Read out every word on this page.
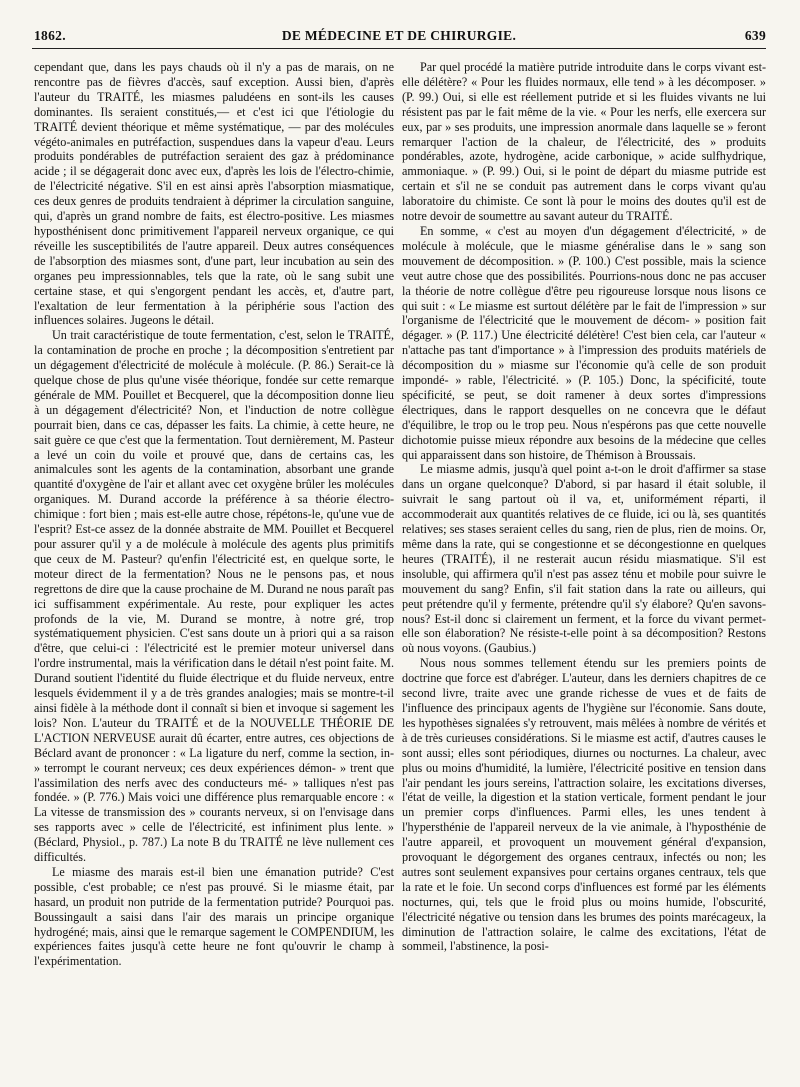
1862.	DE MÉDECINE ET DE CHIRURGIE.	639

cependant que, dans les pays chauds où il n'y a pas de marais, on ne rencontre pas de fièvres d'accès, sauf exception. Aussi bien, d'après l'auteur du TRAITÉ, les miasmes paludéens en sont-ils les causes dominantes. Ils seraient constitués,— et c'est ici que l'étiologie du TRAITÉ devient théorique et même systématique, — par des molécules végéto-animales en putréfaction, suspendues dans la vapeur d'eau. Leurs produits pondérables de putréfaction seraient des gaz à prédominance acide ; il se dégagerait donc avec eux, d'après les lois de l'électro-chimie, de l'électricité négative. S'il en est ainsi après l'absorption miasmatique, ces deux genres de produits tendraient à déprimer la circulation sanguine, qui, d'après un grand nombre de faits, est électro-positive. Les miasmes hyposthénisent donc primitivement l'appareil nerveux organique, ce qui réveille les susceptibilités de l'autre appareil. Deux autres conséquences de l'absorption des miasmes sont, d'une part, leur incubation au sein des organes peu impressionnables, tels que la rate, où le sang subit une certaine stase, et qui s'engorgent pendant les accès, et, d'autre part, l'exaltation de leur fermentation à la périphérie sous l'action des influences solaires. Jugeons le détail.

Un trait caractéristique de toute fermentation, c'est, selon le TRAITÉ, la contamination de proche en proche ; la décomposition s'entretient par un dégagement d'électricité de molécule à molécule. (P. 86.) Serait-ce là quelque chose de plus qu'une visée théorique, fondée sur cette remarque générale de MM. Pouillet et Becquerel, que la décomposition donne lieu à un dégagement d'électricité? Non, et l'induction de notre collègue pourrait bien, dans ce cas, dépasser les faits. La chimie, à cette heure, ne sait guère ce que c'est que la fermentation. Tout dernièrement, M. Pasteur a levé un coin du voile et prouvé que, dans de certains cas, les animalcules sont les agents de la contamination, absorbant une grande quantité d'oxygène de l'air et allant avec cet oxygène brûler les molécules organiques. M. Durand accorde la préférence à sa théorie électro-chimique : fort bien ; mais est-elle autre chose, répétons-le, qu'une vue de l'esprit? Est-ce assez de la donnée abstraite de MM. Pouillet et Becquerel pour assurer qu'il y a de molécule à molécule des agents plus primitifs que ceux de M. Pasteur? qu'enfin l'électricité est, en quelque sorte, le moteur direct de la fermentation? Nous ne le pensons pas, et nous regrettons de dire que la cause prochaine de M. Durand ne nous paraît pas ici suffisamment expérimentale. Au reste, pour expliquer les actes profonds de la vie, M. Durand se montre, à notre gré, trop systématiquement physicien. C'est sans doute un à priori qui a sa raison d'être, que celui-ci : l'électricité est le premier moteur universel dans l'ordre instrumental, mais la vérification dans le détail n'est point faite. M. Durand soutient l'identité du fluide électrique et du fluide nerveux, entre lesquels évidemment il y a de très grandes analogies; mais se montre-t-il ainsi fidèle à la méthode dont il connaît si bien et invoque si sagement les lois? Non. L'auteur du TRAITÉ et de la NOUVELLE THÉORIE DE L'ACTION NERVEUSE aurait dû écarter, entre autres, ces objections de Béclard avant de prononcer : « La ligature du nerf, comme la section, in- » terrompt le courant nerveux; ces deux expériences démon- » trent que l'assimilation des nerfs avec des conducteurs mé- » talliques n'est pas fondée. » (P. 776.) Mais voici une différence plus remarquable encore : « La vitesse de transmission des » courants nerveux, si on l'envisage dans ses rapports avec » celle de l'électricité, est infiniment plus lente. » (Béclard, Physiol., p. 787.) La note B du TRAITÉ ne lève nullement ces difficultés.

Le miasme des marais est-il bien une émanation putride? C'est possible, c'est probable; ce n'est pas prouvé. Si le miasme était, par hasard, un produit non putride de la fermentation putride? Pourquoi pas. Boussingault a saisi dans l'air des marais un principe organique hydrogéné; mais, ainsi que le remarque sagement le COMPENDIUM, les expériences faites jusqu'à cette heure ne font qu'ouvrir le champ à l'expérimentation.

Par quel procédé la matière putride introduite dans le corps vivant est-elle délétère? « Pour les fluides normaux, elle tend » à les décomposer. » (P. 99.) Oui, si elle est réellement putride et si les fluides vivants ne lui résistent pas par le fait même de la vie. « Pour les nerfs, elle exercera sur eux, par » ses produits, une impression anormale dans laquelle se » feront remarquer l'action de la chaleur, de l'électricité, des » produits pondérables, azote, hydrogène, acide carbonique, » acide sulfhydrique, ammoniaque. » (P. 99.) Oui, si le point de départ du miasme putride est certain et s'il ne se conduit pas autrement dans le corps vivant qu'au laboratoire du chimiste. Ce sont là pour le moins des doutes qu'il est de notre devoir de soumettre au savant auteur du TRAITÉ.

En somme, « c'est au moyen d'un dégagement d'électricité, » de molécule à molécule, que le miasme généralise dans le » sang son mouvement de décomposition. » (P. 100.) C'est possible, mais la science veut autre chose que des possibilités. Pourrions-nous donc ne pas accuser la théorie de notre collègue d'être peu rigoureuse lorsque nous lisons ce qui suit : « Le miasme est surtout délétère par le fait de l'impression » sur l'organisme de l'électricité que le mouvement de décom- » position fait dégager. » (P. 117.) Une électricité délétère! C'est bien cela, car l'auteur « n'attache pas tant d'importance » à l'impression des produits matériels de décomposition du » miasme sur l'économie qu'à celle de son produit impondé- » rable, l'électricité. » (P. 105.) Donc, la spécificité, toute spécificité, se peut, se doit ramener à deux sortes d'impressions électriques, dans le rapport desquelles on ne concevra que le défaut d'équilibre, le trop ou le trop peu. Nous n'espérons pas que cette nouvelle dichotomie puisse mieux répondre aux besoins de la médecine que celles qui apparaissent dans son histoire, de Thémison à Broussais.

Le miasme admis, jusqu'à quel point a-t-on le droit d'affirmer sa stase dans un organe quelconque? D'abord, si par hasard il était soluble, il suivrait le sang partout où il va, et, uniformément réparti, il accommoderait aux quantités relatives de ce fluide, ici ou là, ses quantités relatives; ses stases seraient celles du sang, rien de plus, rien de moins. Or, même dans la rate, qui se congestionne et se décongestionne en quelques heures (TRAITÉ), il ne resterait aucun résidu miasmatique. S'il est insoluble, qui affirmera qu'il n'est pas assez ténu et mobile pour suivre le mouvement du sang? Enfin, s'il fait station dans la rate ou ailleurs, qui peut prétendre qu'il y fermente, prétendre qu'il s'y élabore? Qu'en savons-nous? Est-il donc si clairement un ferment, et la force du vivant permet-elle son élaboration? Ne résiste-t-elle point à sa décomposition? Restons où nous voyons. (Gaubius.)

Nous nous sommes tellement étendu sur les premiers points de doctrine que force est d'abréger. L'auteur, dans les derniers chapitres de ce second livre, traite avec une grande richesse de vues et de faits de l'influence des principaux agents de l'hygiène sur l'économie. Sans doute, les hypothèses signalées s'y retrouvent, mais mêlées à nombre de vérités et à de très curieuses considérations. Si le miasme est actif, d'autres causes le sont aussi; elles sont périodiques, diurnes ou nocturnes. La chaleur, avec plus ou moins d'humidité, la lumière, l'électricité positive en tension dans l'air pendant les jours sereins, l'attraction solaire, les excitations diverses, l'état de veille, la digestion et la station verticale, forment pendant le jour un premier corps d'influences. Parmi elles, les unes tendent à l'hypersthénie de l'appareil nerveux de la vie animale, à l'hyposthénie de l'autre appareil, et provoquent un mouvement général d'expansion, provoquant le dégorgement des organes centraux, infectés ou non; les autres sont seulement expansives pour certains organes centraux, tels que la rate et le foie. Un second corps d'influences est formé par les éléments nocturnes, qui, tels que le froid plus ou moins humide, l'obscurité, l'électricité négative ou tension dans les brumes des points marécageux, la diminution de l'attraction solaire, le calme des excitations, l'état de sommeil, l'abstinence, la posi-
